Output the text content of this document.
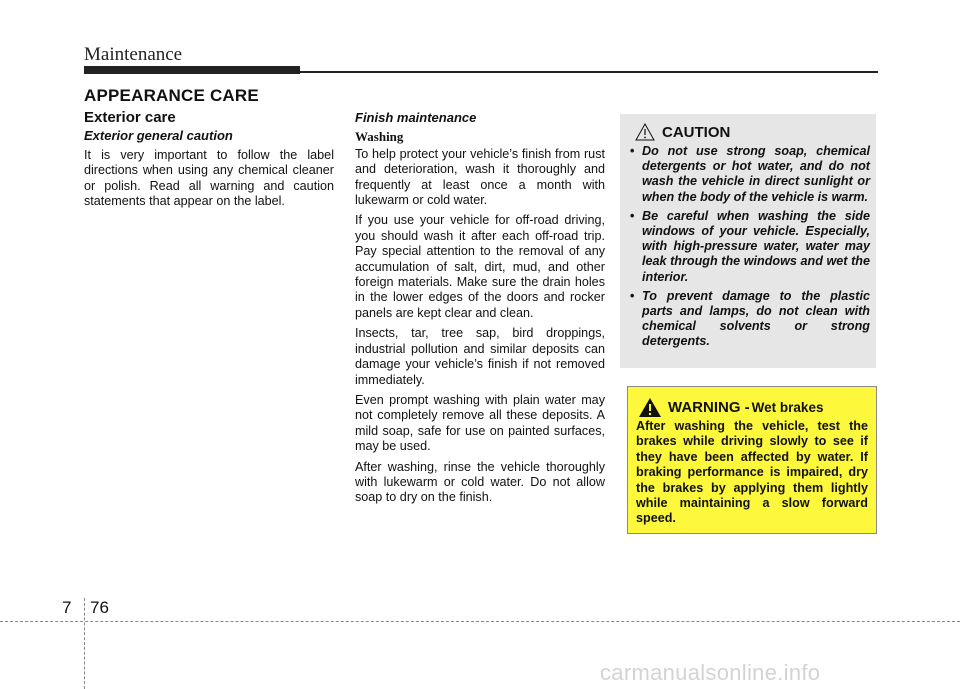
Maintenance
APPEARANCE CARE
Exterior care
Exterior general caution

It is very important to follow the label directions when using any chemical cleaner or polish. Read all warning and caution statements that appear on the label.

Finish maintenance
Washing

To help protect your vehicle’s finish from rust and deterioration, wash it thoroughly and frequently at least once a month with lukewarm or cold water.

If you use your vehicle for off-road driving, you should wash it after each off-road trip. Pay special attention to the removal of any accumulation of salt, dirt, mud, and other foreign materials. Make sure the drain holes in the lower edges of the doors and rocker panels are kept clear and clean.

Insects, tar, tree sap, bird droppings, industrial pollution and similar deposits can damage your vehicle’s finish if not removed immediately.

Even prompt washing with plain water may not completely remove all these deposits. A mild soap, safe for use on painted surfaces, may be used.

After washing, rinse the vehicle thoroughly with lukewarm or cold water. Do not allow soap to dry on the finish.

CAUTION
• Do not use strong soap, chemical detergents or hot water, and do not wash the vehicle in direct sunlight or when the body of the vehicle is warm.
• Be careful when washing the side windows of your vehicle. Especially, with high-pressure water, water may leak through the windows and wet the interior.
• To prevent damage to the plastic parts and lamps, do not clean with chemical solvents or strong detergents.
WARNING - Wet brakes

After washing the vehicle, test the brakes while driving slowly to see if they have been affected by water. If braking performance is impaired, dry the brakes by applying them lightly while maintaining a slow forward speed.

7 76
carmanualsonline.info
